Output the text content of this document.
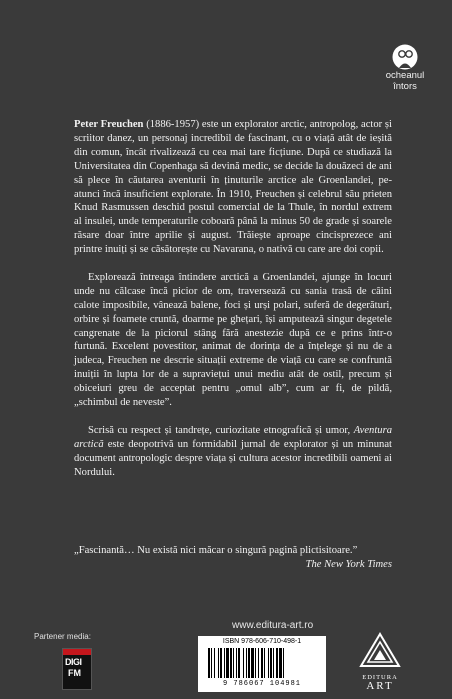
ocheanul
întors

Peter Freuchen (1886-1957) este un explorator arctic, antropolog, actor și scriitor danez, un personaj incredibil de fascinant, cu o viață atât de ieșită din comun, încât rivalizează cu cea mai tare ficțiune. După ce studiază la Universitatea din Copenhaga să devină medic, se decide la douăzeci de ani să plece în căutarea aventurii în ținuturile arctice ale Groenlandei, pe-atunci încă insuficient explorate. În 1910, Freuchen și celebrul său prieten Knud Rasmussen deschid postul comercial de la Thule, în nordul extrem al insulei, unde temperaturile coboară până la minus 50 de grade și soarele răsare doar între aprilie și august. Trăiește aproape cincisprezece ani printre inuiți și se căsătorește cu Navarana, o nativă cu care are doi copii.

Explorează întreaga întindere arctică a Groenlandei, ajunge în locuri unde nu călcase încă picior de om, traversează cu sania trasă de câini calote imposibile, vânează balene, foci și urși polari, suferă de degerături, orbire și foamete cruntă, doarme pe ghețari, își amputează singur degetele cangrenate de la piciorul stâng fără anestezie după ce e prins într-o furtună. Excelent povestitor, animat de dorința de a înțelege și nu de a judeca, Freuchen ne descrie situații extreme de viață cu care se confruntă inuiții în lupta lor de a supraviețui unui mediu atât de ostil, precum și obiceiuri greu de acceptat pentru „omul alb”, cum ar fi, de pildă, „schimbul de neveste”.

Scrisă cu respect și tandrețe, curiozitate etnografică și umor, Aventura arctică este deopotrivă un formidabil jurnal de explorator și un minunat document antropologic despre viața și cultura acestor incredibili oameni ai Nordului.

„Fascinantă… Nu există nici măcar o singură pagină plictisitoare.”

The New York Times

www.editura-art.ro
Partener media:
DIGI
FM
ISBN 978-606-710-498-1
9 786067 104981
EDITURA
ART
